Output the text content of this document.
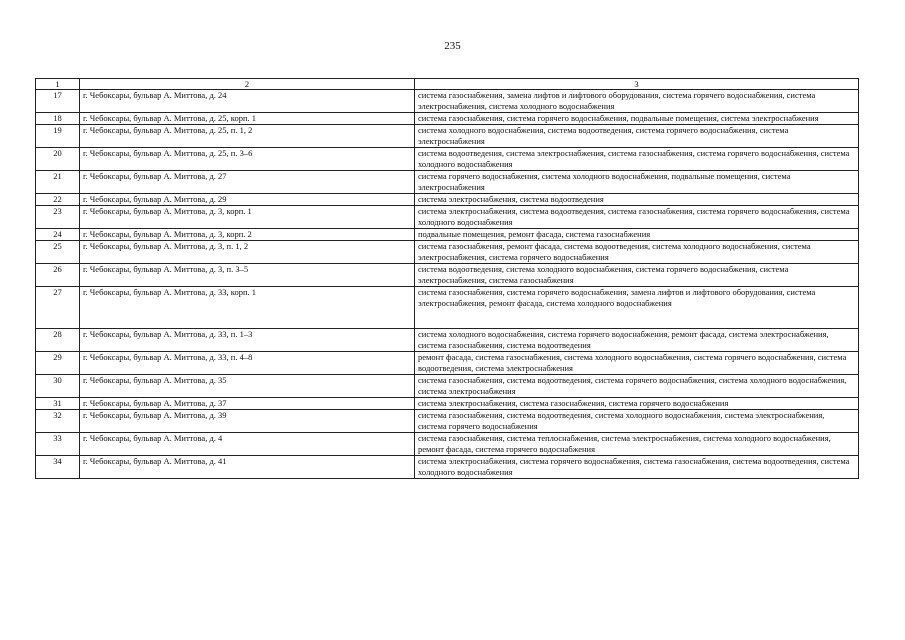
235
1	2	3
17	г. Чебоксары, бульвар А. Миттова, д. 24	система газоснабжения, замена лифтов и лифтового оборудования, система горячего водоснабжения, система электроснабжения, система холодного водоснабжения
18	г. Чебоксары, бульвар А. Миттова, д. 25, корп. 1	система газоснабжения, система горячего водоснабжения, подвальные помещения, система электроснабжения
19	г. Чебоксары, бульвар А. Миттова, д. 25, п. 1, 2	система холодного водоснабжения, система водоотведения, система горячего водоснабжения, система электроснабжения
20	г. Чебоксары, бульвар А. Миттова, д. 25, п. 3–6	система водоотведения, система электроснабжения, система газоснабжения, система горячего водоснабжения, система холодного водоснабжения
21	г. Чебоксары, бульвар А. Миттова, д. 27	система горячего водоснабжения, система холодного водоснабжения, подвальные помещения, система электроснабжения
22	г. Чебоксары, бульвар А. Миттова, д. 29	система электроснабжения, система водоотведения
23	г. Чебоксары, бульвар А. Миттова, д. 3, корп. 1	система электроснабжения, система водоотведения, система газоснабжения, система горячего водоснабжения, система холодного водоснабжения
24	г. Чебоксары, бульвар А. Миттова, д. 3, корп. 2	подвальные помещения, ремонт фасада, система газоснабжения
25	г. Чебоксары, бульвар А. Миттова, д. 3, п. 1, 2	система газоснабжения, ремонт фасада, система водоотведения, система холодного водоснабжения, система электроснабжения, система горячего водоснабжения
26	г. Чебоксары, бульвар А. Миттова, д. 3, п. 3–5	система водоотведения, система холодного водоснабжения, система горячего водоснабжения, система электроснабжения, система газоснабжения
27	г. Чебоксары, бульвар А. Миттова, д. 33, корп. 1	система газоснабжения, система горячего водоснабжения, замена лифтов и лифтового оборудования, система электроснабжения, ремонт фасада, система холодного водоснабжения
28	г. Чебоксары, бульвар А. Миттова, д. 33, п. 1–3	система холодного водоснабжения, система горячего водоснабжения, ремонт фасада, система электроснабжения, система газоснабжения, система водоотведения
29	г. Чебоксары, бульвар А. Миттова, д. 33, п. 4–8	ремонт фасада, система газоснабжения, система холодного водоснабжения, система горячего водоснабжения, система водоотведения, система электроснабжения
30	г. Чебоксары, бульвар А. Миттова, д. 35	система газоснабжения, система водоотведения, система горячего водоснабжения, система холодного водоснабжения, система электроснабжения
31	г. Чебоксары, бульвар А. Миттова, д. 37	система электроснабжения, система газоснабжения, система горячего водоснабжения
32	г. Чебоксары, бульвар А. Миттова, д. 39	система газоснабжения, система водоотведения, система холодного водоснабжения, система электроснабжения, система горячего водоснабжения
33	г. Чебоксары, бульвар А. Миттова, д. 4	система газоснабжения, система теплоснабжения, система электроснабжения, система холодного водоснабжения, ремонт фасада, система горячего водоснабжения
34	г. Чебоксары, бульвар А. Миттова, д. 41	система электроснабжения, система горячего водоснабжения, система газоснабжения, система водоотведения, система холодного водоснабжения
